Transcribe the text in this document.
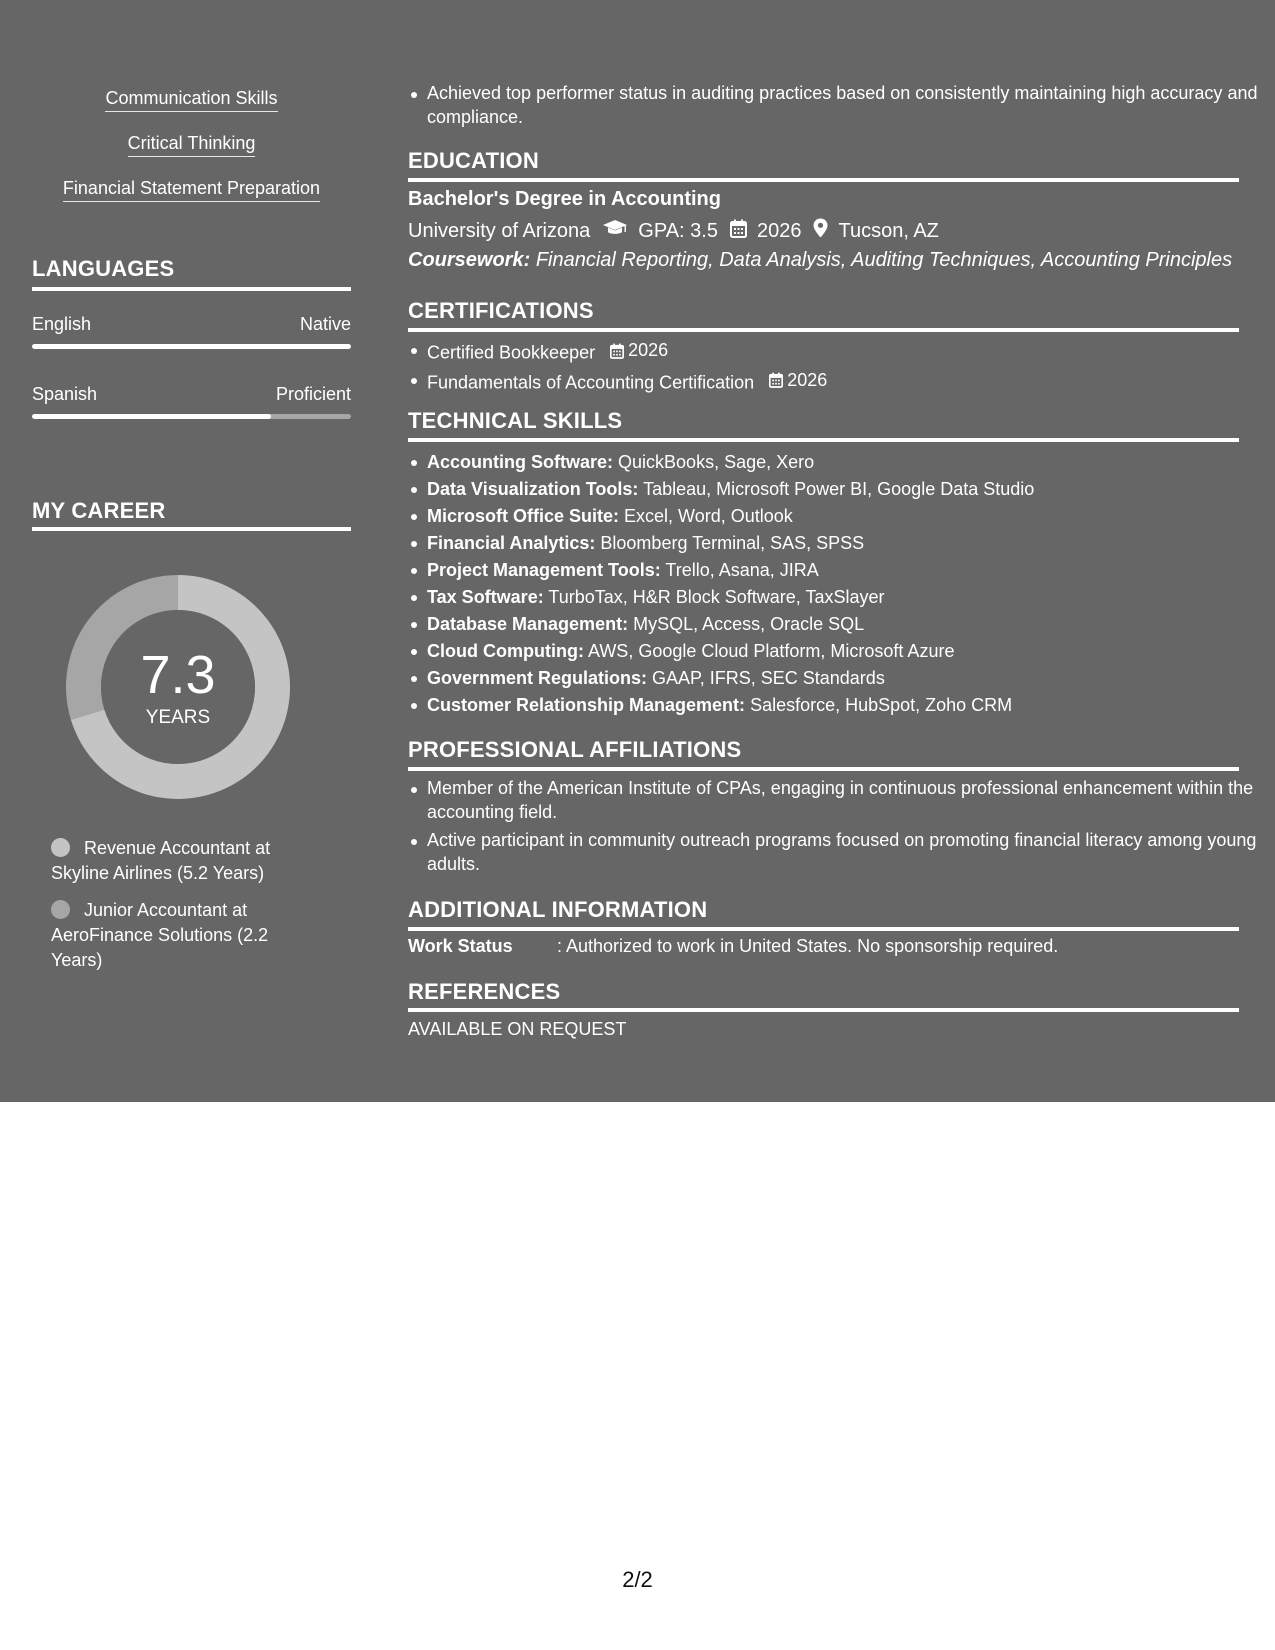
Communication Skills
Critical Thinking
Financial Statement Preparation
LANGUAGES
English	Native
Spanish	Proficient
MY CAREER
7.3
YEARS
Revenue Accountant at Skyline Airlines (5.2 Years)
Junior Accountant at AeroFinance Solutions (2.2 Years)
Achieved top performer status in auditing practices based on consistently maintaining high accuracy and compliance.
EDUCATION
Bachelor's Degree in Accounting
University of Arizona GPA: 3.5 2026 Tucson, AZ
Coursework: Financial Reporting, Data Analysis, Auditing Techniques, Accounting Principles
CERTIFICATIONS
Certified Bookkeeper 2026
Fundamentals of Accounting Certification 2026
TECHNICAL SKILLS
Accounting Software: QuickBooks, Sage, Xero
Data Visualization Tools: Tableau, Microsoft Power BI, Google Data Studio
Microsoft Office Suite: Excel, Word, Outlook
Financial Analytics: Bloomberg Terminal, SAS, SPSS
Project Management Tools: Trello, Asana, JIRA
Tax Software: TurboTax, H&R Block Software, TaxSlayer
Database Management: MySQL, Access, Oracle SQL
Cloud Computing: AWS, Google Cloud Platform, Microsoft Azure
Government Regulations: GAAP, IFRS, SEC Standards
Customer Relationship Management: Salesforce, HubSpot, Zoho CRM
PROFESSIONAL AFFILIATIONS
Member of the American Institute of CPAs, engaging in continuous professional enhancement within the accounting field.
Active participant in community outreach programs focused on promoting financial literacy among young adults.
ADDITIONAL INFORMATION
Work Status : Authorized to work in United States. No sponsorship required.
REFERENCES
AVAILABLE ON REQUEST
2/2
